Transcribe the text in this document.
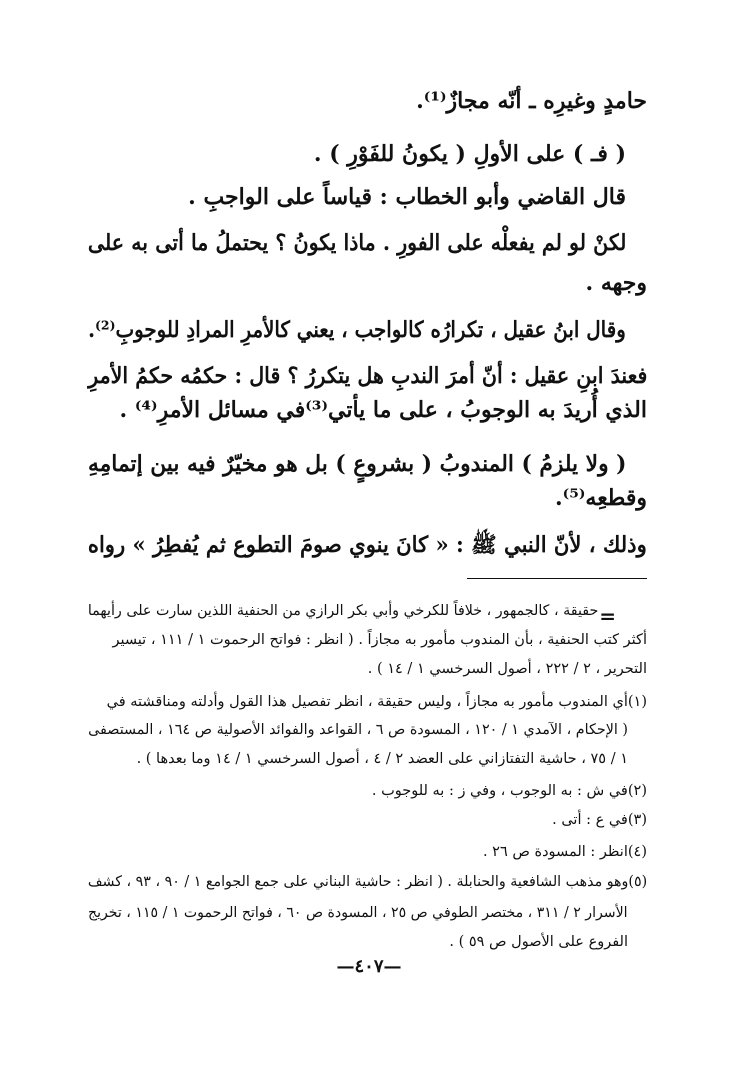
حامدٍ وغيرِه ـ أنّه مجازٌ⁽¹⁾.
( فـ ) على الأولِ ( يكونُ للفَوْرِ ) .
قال القاضي وأبو الخطاب : قياساً على الواجبِ .
لكنْ لو لم يفعلْه على الفورِ . ماذا يكونُ ؟ يحتملُ ما أتى به على
وجهه .
وقال ابنُ عقيل ، تكرارُه كالواجب ، يعني كالأمرِ المرادِ للوجوبِ⁽²⁾.
فعندَ ابنِ عقيل : أنّ أمرَ الندبِ هل يتكررُ ؟ قال : حكمُه حكمُ الأمرِ
الذي أُريدَ به الوجوبُ ، على ما يأتي⁽³⁾في مسائل الأمرِ⁽⁴⁾ .
( ولا يلزمُ ) المندوبُ ( بشروعٍ ) بل هو مخيّرٌ فيه بين إتمامِهِ
وقطعِه⁽⁵⁾.
وذلك ، لأنّ النبي ﷺ : « كانَ ينوي صومَ التطوع ثم يُفطِرُ » رواه
=
حقيقة ، كالجمهور ، خلافاً للكرخي وأبي بكر الرازي من الحنفية اللذين سارت على رأيهما
أكثر كتب الحنفية ، بأن المندوب مأمور به مجازاً . ( انظر : فواتح الرحموت ١ / ١١١ ، تيسير
التحرير ، ٢ / ٢٢٢ ، أصول السرخسي ١ / ١٤ ) .
(١)أي المندوب مأمور به مجازاً ، وليس حقيقة ، انظر تفصيل هذا القول وأدلته ومناقشته في
( الإحكام ، الآمدي ١ / ١٢٠ ، المسودة ص ٦ ، القواعد والفوائد الأصولية ص ١٦٤ ، المستصفى
١ / ٧٥ ، حاشية التفتازاني على العضد ٢ / ٤ ، أصول السرخسي ١ / ١٤ وما بعدها ) .
(٢)في ش : به الوجوب ، وفي ز : به للوجوب .
(٣)في ع : أتى .
(٤)انظر : المسودة ص ٢٦ .
(٥)وهو مذهب الشافعية والحنابلة . ( انظر : حاشية البناني على جمع الجوامع ١ / ٩٠ ، ٩٣ ، كشف
الأسرار ٢ / ٣١١ ، مختصر الطوفي ص ٢٥ ، المسودة ص ٦٠ ، فواتح الرحموت ١ / ١١٥ ، تخريج
الفروع على الأصول ص ٥٩ ) .
—٤٠٧—
